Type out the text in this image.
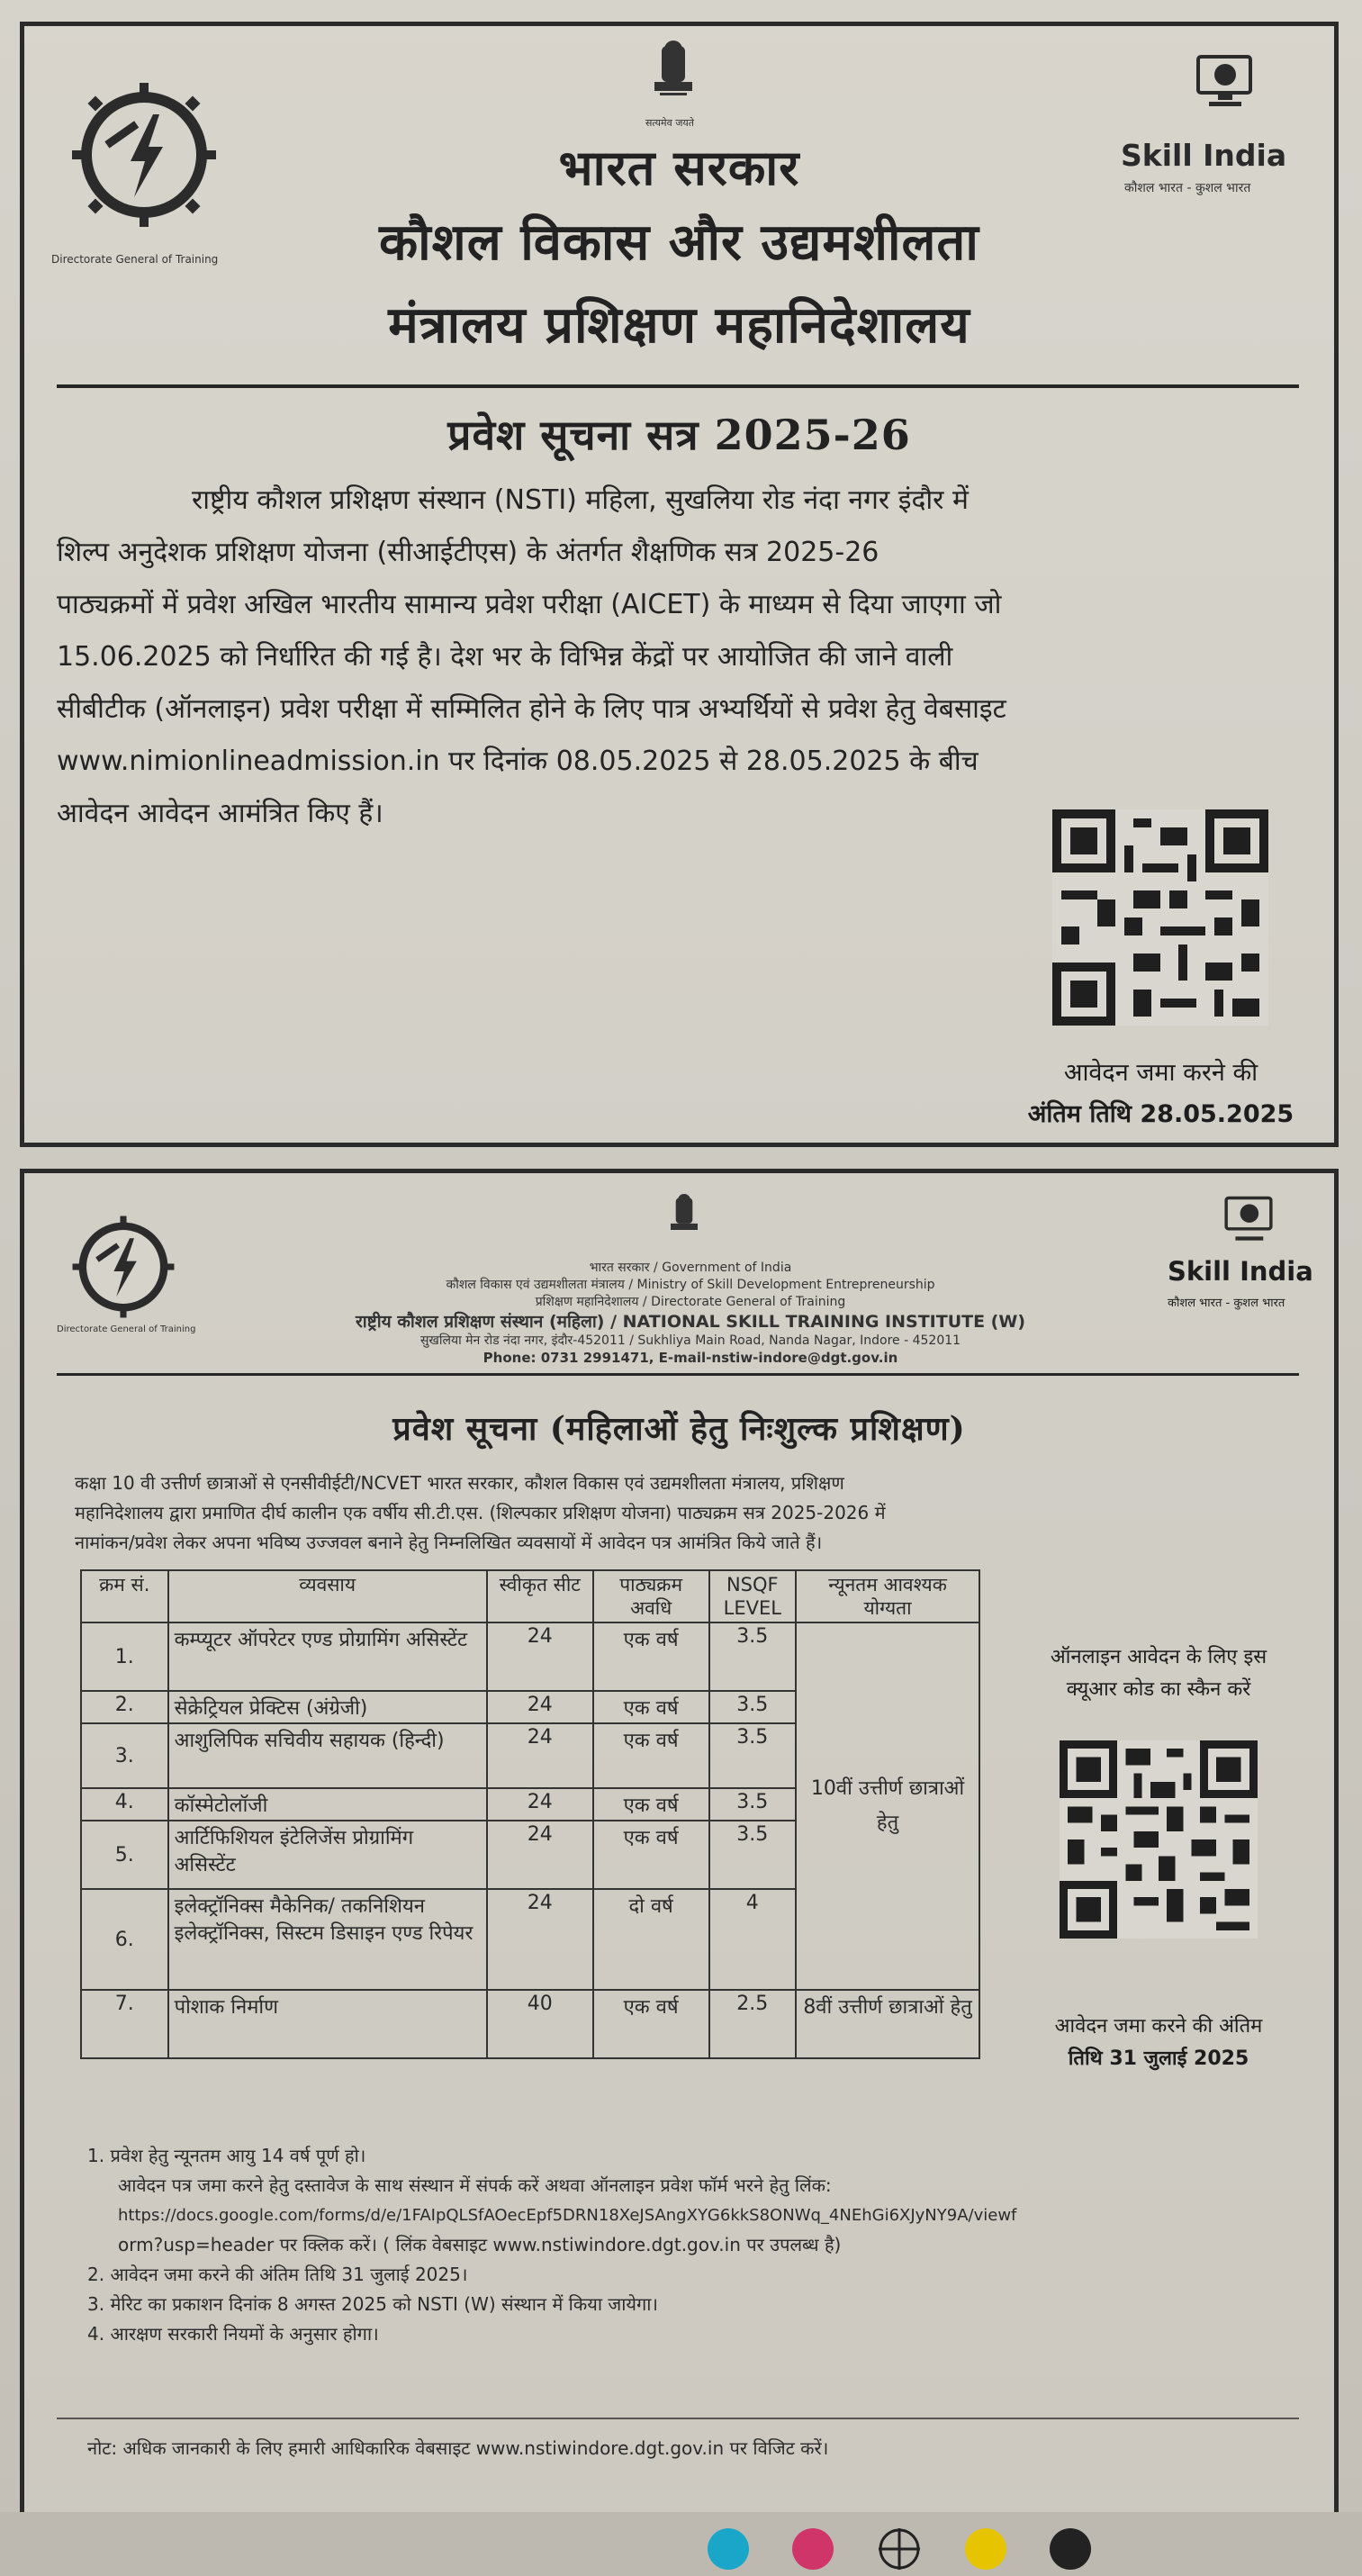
Directorate General of Training
सत्यमेव जयते
Skill India
कौशल भारत - कुशल भारत
भारत सरकार
कौशल विकास और उद्यमशीलता
मंत्रालय प्रशिक्षण महानिदेशालय
प्रवेश सूचना सत्र 2025-26
राष्ट्रीय कौशल प्रशिक्षण संस्थान (NSTI) महिला, सुखलिया रोड नंदा नगर इंदौर में
शिल्प अनुदेशक प्रशिक्षण योजना (सीआईटीएस) के अंतर्गत शैक्षणिक सत्र 2025-26
पाठ्यक्रमों में प्रवेश अखिल भारतीय सामान्य प्रवेश परीक्षा (AICET) के माध्यम से दिया जाएगा जो
15.06.2025 को निर्धारित की गई है। देश भर के विभिन्न केंद्रों पर आयोजित की जाने वाली
सीबीटीक (ऑनलाइन) प्रवेश परीक्षा में सम्मिलित होने के लिए पात्र अभ्यर्थियों से प्रवेश हेतु वेबसाइट
www.nimionlineadmission.in पर दिनांक 08.05.2025 से 28.05.2025 के बीच
आवेदन आवेदन आमंत्रित किए हैं।
आवेदन जमा करने की
अंतिम तिथि 28.05.2025
Directorate General of Training
Skill India
कौशल भारत - कुशल भारत
भारत सरकार / Government of India
कौशल विकास एवं उद्यमशीलता मंत्रालय / Ministry of Skill Development Entrepreneurship
प्रशिक्षण महानिदेशालय / Directorate General of Training
राष्ट्रीय कौशल प्रशिक्षण संस्थान (महिला) / NATIONAL SKILL TRAINING INSTITUTE (W)
सुखलिया मेन रोड नंदा नगर, इंदौर-452011 / Sukhliya Main Road, Nanda Nagar, Indore - 452011
Phone: 0731 2991471, E-mail-nstiw-indore@dgt.gov.in
प्रवेश सूचना (महिलाओं हेतु निःशुल्क प्रशिक्षण)
कक्षा 10 वी उत्तीर्ण छात्राओं से एनसीवीईटी/NCVET भारत सरकार, कौशल विकास एवं उद्यमशीलता मंत्रालय, प्रशिक्षण
महानिदेशालय द्वारा प्रमाणित दीर्घ कालीन एक वर्षीय सी.टी.एस. (शिल्पकार प्रशिक्षण योजना) पाठ्यक्रम सत्र 2025-2026 में
नामांकन/प्रवेश लेकर अपना भविष्य उज्जवल बनाने हेतु निम्नलिखित व्यवसायों में आवेदन पत्र आमंत्रित किये जाते हैं।
क्रम सं.	व्यवसाय	स्वीकृत सीट	पाठ्यक्रम अवधि	NSQF LEVEL	न्यूनतम आवश्यक योग्यता
1.	कम्प्यूटर ऑपरेटर एण्ड प्रोग्रामिंग असिस्टेंट	24	एक वर्ष	3.5	10वीं उत्तीर्ण छात्राओं हेतु
2.	सेक्रेट्रियल प्रेक्टिस (अंग्रेजी)	24	एक वर्ष	3.5	
3.	आशुलिपिक सचिवीय सहायक (हिन्दी)	24	एक वर्ष	3.5	
4.	कॉस्मेटोलॉजी	24	एक वर्ष	3.5	
5.	आर्टिफिशियल इंटेलिजेंस प्रोग्रामिंग असिस्टेंट	24	एक वर्ष	3.5	
6.	इलेक्ट्रॉनिक्स मैकेनिक/ तकनिशियन इलेक्ट्रॉनिक्स, सिस्टम डिसाइन एण्ड रिपेयर	24	दो वर्ष	4	
7.	पोशाक निर्माण	40	एक वर्ष	2.5	8वीं उत्तीर्ण छात्राओं हेतु
ऑनलाइन आवेदन के लिए इस
क्यूआर कोड का स्कैन करें
आवेदन जमा करने की अंतिम
तिथि 31 जुलाई 2025
1. प्रवेश हेतु न्यूनतम आयु 14 वर्ष पूर्ण हो।
आवेदन पत्र जमा करने हेतु दस्तावेज के साथ संस्थान में संपर्क करें अथवा ऑनलाइन प्रवेश फॉर्म भरने हेतु लिंक:
https://docs.google.com/forms/d/e/1FAIpQLSfAOecEpf5DRN18XeJSAngXYG6kkS8ONWq_4NEhGi6XJyNY9A/viewf
orm?usp=header पर क्लिक करें। ( लिंक वेबसाइट www.nstiwindore.dgt.gov.in पर उपलब्ध है)
2. आवेदन जमा करने की अंतिम तिथि 31 जुलाई 2025।
3. मेरिट का प्रकाशन दिनांक 8 अगस्त 2025 को NSTI (W) संस्थान में किया जायेगा।
4. आरक्षण सरकारी नियमों के अनुसार होगा।
नोट: अधिक जानकारी के लिए हमारी आधिकारिक वेबसाइट www.nstiwindore.dgt.gov.in पर विजिट करें।
